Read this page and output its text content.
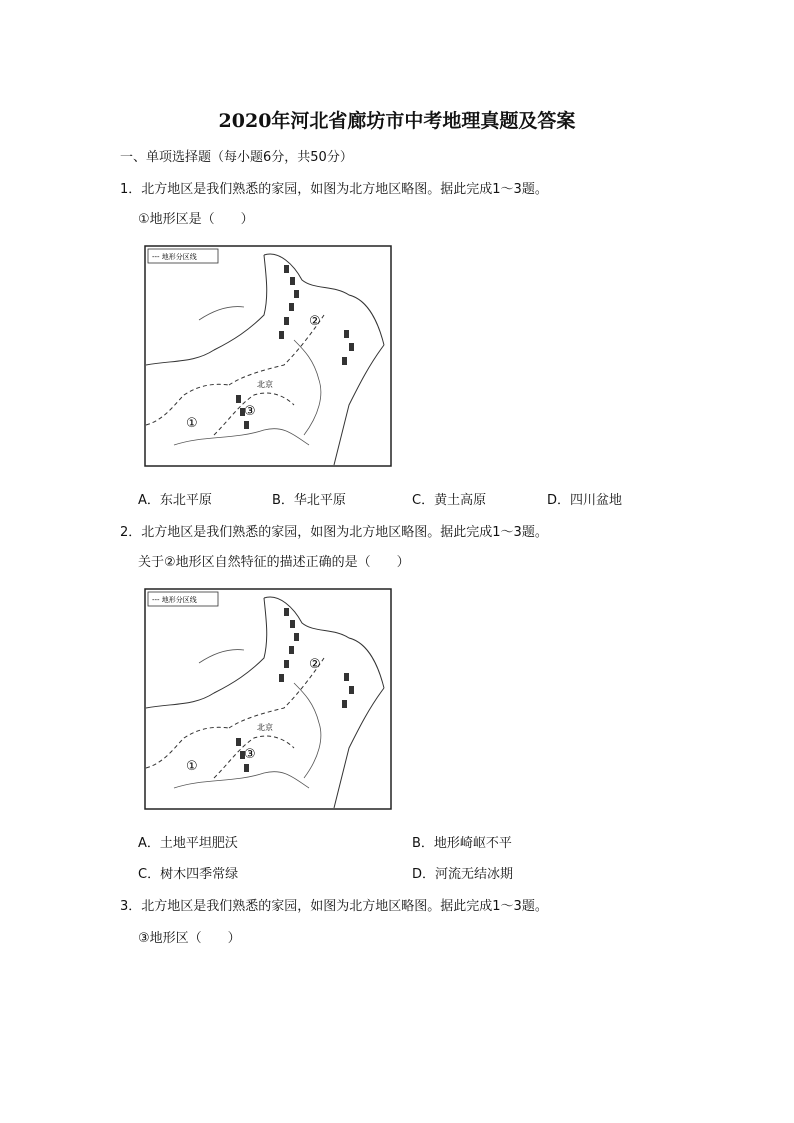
2020年河北省廊坊市中考地理真题及答案
一、单项选择题（每小题6分，共50分）
1．北方地区是我们熟悉的家园，如图为北方地区略图。据此完成1～3题。
①地形区是（　　）
--- 地形分区线
北京
①
②
③
A．东北平原	B．华北平原	C．黄土高原	D．四川盆地
2．北方地区是我们熟悉的家园，如图为北方地区略图。据此完成1～3题。
关于②地形区自然特征的描述正确的是（　　）
--- 地形分区线
北京
①
②
③
A．土地平坦肥沃	B．地形崎岖不平
C．树木四季常绿	D．河流无结冰期
3．北方地区是我们熟悉的家园，如图为北方地区略图。据此完成1～3题。
③地形区（　　）
